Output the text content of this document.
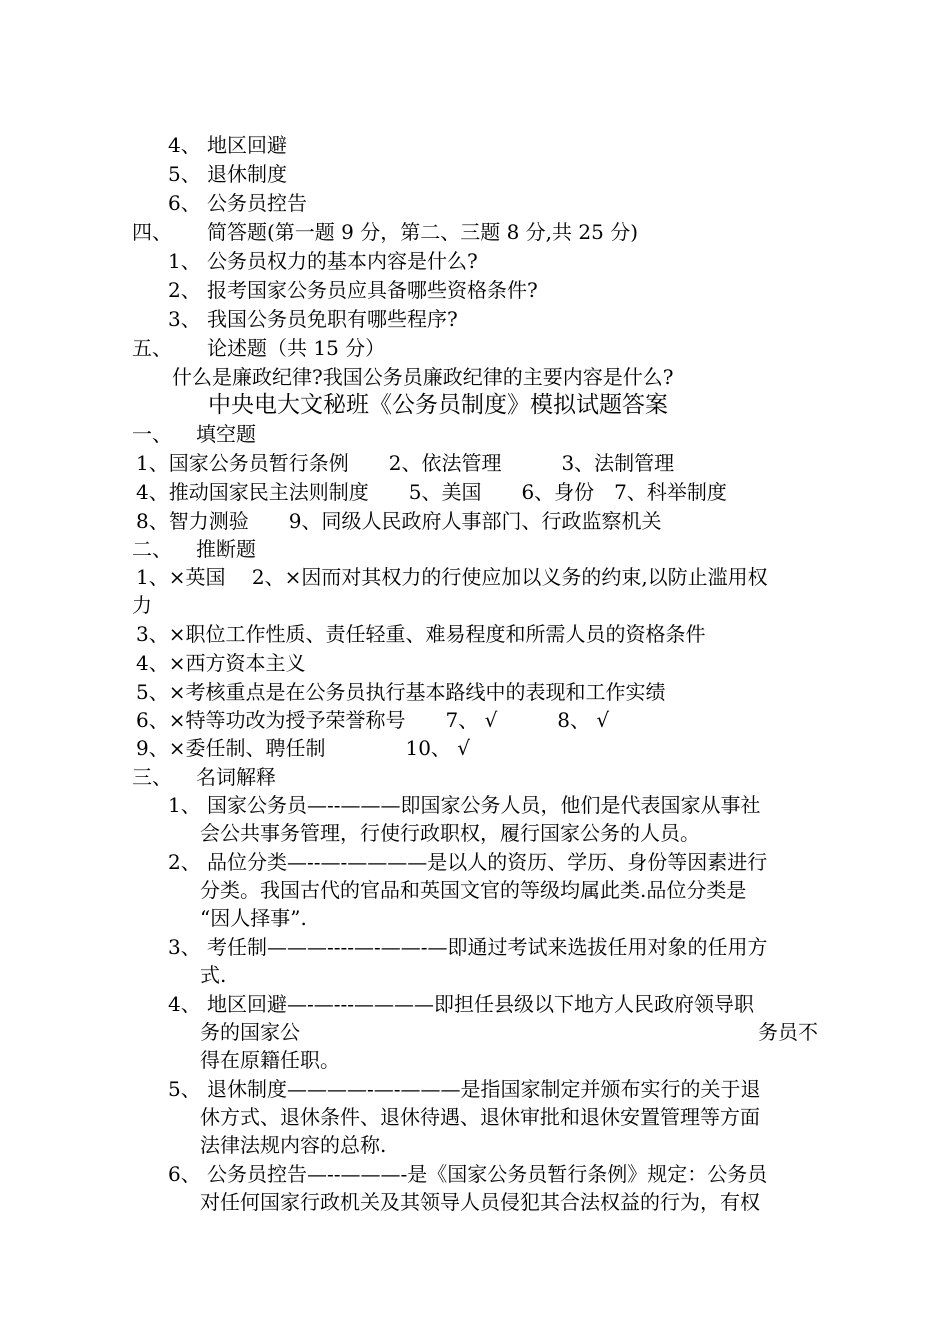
4、 地区回避
5、 退休制度
6、 公务员控告
四、 简答题(第一题 9 分，第二、三题 8 分,共 25 分)
1、 公务员权力的基本内容是什么?
2、 报考国家公务员应具备哪些资格条件?
3、 我国公务员免职有哪些程序?
五、 论述题（共 15 分）
什么是廉政纪律?我国公务员廉政纪律的主要内容是什么?
中央电大文秘班《公务员制度》模拟试题答案
一、 填空题
1、国家公务员暂行条例　　2、依法管理　　　3、法制管理
4、推动国家民主法则制度　　5、美国　　6、身份　7、科举制度
8、智力测验　　9、同级人民政府人事部门、行政监察机关
二、 推断题
1、×英国　 2、×因而对其权力的行使应加以义务的约束,以防止滥用权
力
3、×职位工作性质、责任轻重、难易程度和所需人员的资格条件
4、×西方资本主义
5、×考核重点是在公务员执行基本路线中的表现和工作实绩
6、×特等功改为授予荣誉称号　　7、 √　　　8、 √
9、×委任制、聘任制　　　　10、 √
三、 名词解释
1、 国家公务员—--———即国家公务人员，他们是代表国家从事社
会公共事务管理，行使行政职权，履行国家公务的人员。
2、 品位分类—--—-————是以人的资历、学历、身份等因素进行
分类。我国古代的官品和英国文官的等级均属此类.品位分类是
“因人择事”.
3、 考任制———----—-——-—即通过考试来选拔任用对象的任用方
式.
4、 地区回避—-—---————即担任县级以下地方人民政府领导职
务的国家公	务员不
得在原籍任职。
5、 退休制度————-—-———是指国家制定并颁布实行的关于退
休方式、退休条件、退休待遇、退休审批和退休安置管理等方面
法律法规内容的总称.
6、 公务员控告—--———-是《国家公务员暂行条例》规定：公务员
对任何国家行政机关及其领导人员侵犯其合法权益的行为，有权
